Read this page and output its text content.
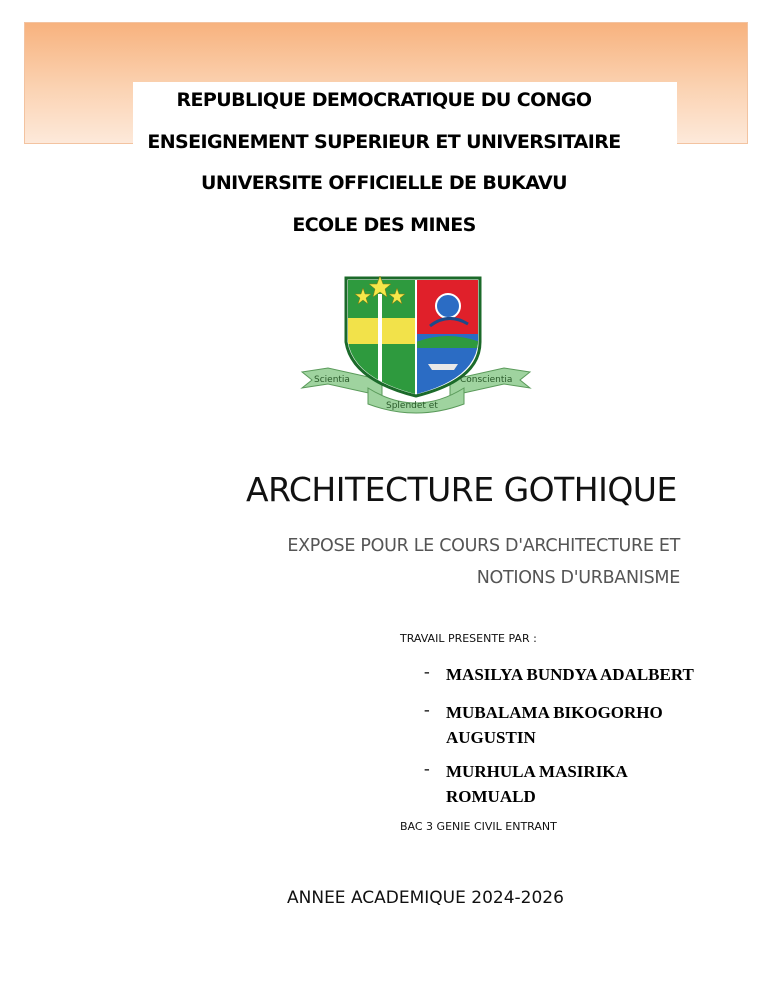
REPUBLIQUE DEMOCRATIQUE DU CONGO
ENSEIGNEMENT SUPERIEUR ET UNIVERSITAIRE
UNIVERSITE OFFICIELLE DE BUKAVU
ECOLE DES MINES
Scientia	Conscientia
Splendet et
ARCHITECTURE GOTHIQUE
EXPOSE POUR LE COURS D'ARCHITECTURE ET
NOTIONS D'URBANISME
TRAVAIL PRESENTE PAR :
- MASILYA BUNDYA ADALBERT
- MUBALAMA BIKOGORHO AUGUSTIN
- MURHULA MASIRIKA ROMUALD
BAC 3 GENIE CIVIL ENTRANT
ANNEE ACADEMIQUE 2024-2026
